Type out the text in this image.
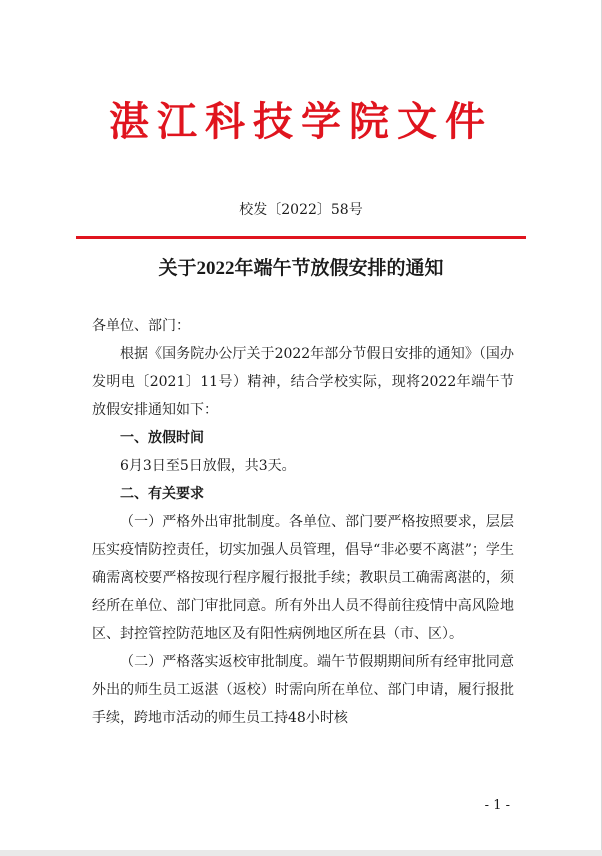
湛江科技学院文件
校发〔2022〕58号
关于2022年端午节放假安排的通知

各单位、部门：

根据《国务院办公厅关于2022年部分节假日安排的通知》（国办发明电〔2021〕11号）精神，结合学校实际，现将2022年端午节放假安排通知如下：

一、放假时间

6月3日至5日放假，共3天。

二、有关要求

（一）严格外出审批制度。各单位、部门要严格按照要求，层层压实疫情防控责任，切实加强人员管理，倡导“非必要不离湛”；学生确需离校要严格按现行程序履行报批手续；教职员工确需离湛的，须经所在单位、部门审批同意。所有外出人员不得前往疫情中高风险地区、封控管控防范地区及有阳性病例地区所在县（市、区）。

（二）严格落实返校审批制度。端午节假期期间所有经审批同意外出的师生员工返湛（返校）时需向所在单位、部门申请，履行报批手续，跨地市活动的师生员工持48小时核

- 1 -
